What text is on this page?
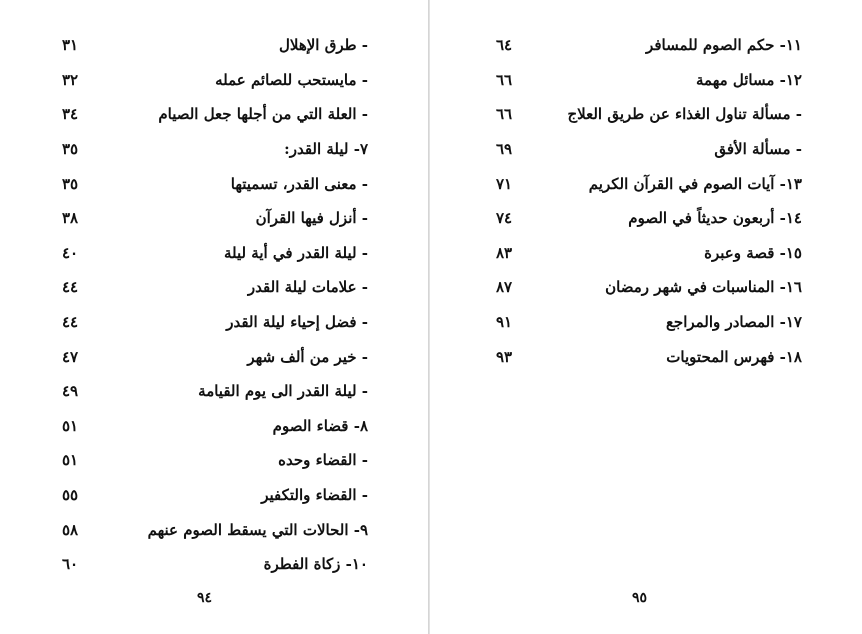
٣١	- طرق الإهلال
٣٢	- مايستحب للصائم عمله
٣٤	- العلة التي من أجلها جعل الصيام
٣٥	٧- ليلة القدر:
٣٥	- معنى القدر، تسميتها
٣٨	- أنزل فيها القرآن
٤٠	- ليلة القدر في أية ليلة
٤٤	- علامات ليلة القدر
٤٤	- فضل إحياء ليلة القدر
٤٧	- خير من ألف شهر
٤٩	- ليلة القدر الى يوم القيامة
٥١	٨- قضاء الصوم
٥١	- القضاء وحده
٥٥	- القضاء والتكفير
٥٨	٩- الحالات التي يسقط الصوم عنهم
٦٠	١٠- زكاة الفطرة
٩٤
٦٤	١١- حكم الصوم للمسافر
٦٦	١٢- مسائل مهمة
٦٦	- مسألة تناول الغذاء عن طريق العلاج
٦٩	- مسألة الأفق
٧١	١٣- آيات الصوم في القرآن الكريم
٧٤	١٤- أربعون حديثاً في الصوم
٨٣	١٥- قصة وعبرة
٨٧	١٦- المناسبات في شهر رمضان
٩١	١٧- المصادر والمراجع
٩٣	١٨- فهرس المحتويات
٩٥
